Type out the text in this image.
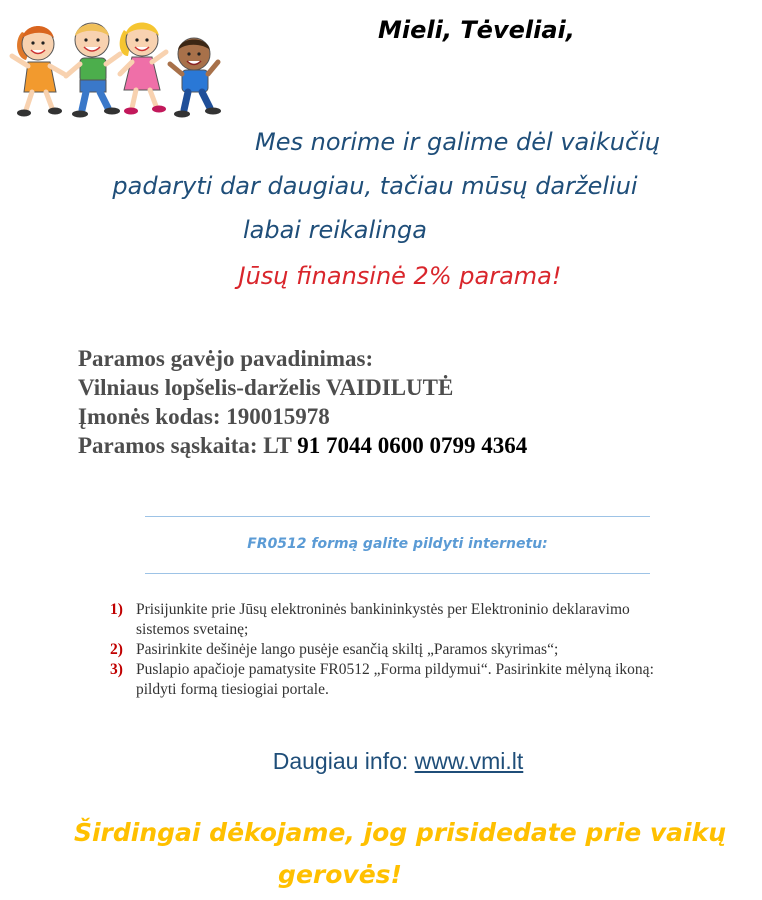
Mieli, Tėveliai,
Mes norime ir galime dėl vaikučių
padaryti dar daugiau, tačiau mūsų darželiui
labai reikalinga
Jūsų finansinė 2% parama!
Paramos gavėjo pavadinimas:
Vilniaus lopšelis-darželis VAIDILUTĖ
Įmonės kodas: 190015978
Paramos sąskaita: LT 91 7044 0600 0799 4364
FR0512 formą galite pildyti internetu:
1) Prisijunkite prie Jūsų elektroninės bankininkystės per Elektroninio deklaravimo sistemos svetainę;
2) Pasirinkite dešinėje lango pusėje esančią skiltį „Paramos skyrimas“;
3) Puslapio apačioje pamatysite FR0512 „Forma pildymui“. Pasirinkite mėlyną ikoną: pildyti formą tiesiogiai portale.
Daugiau info: www.vmi.lt
Širdingai dėkojame, jog prisidedate prie vaikų
gerovės!
